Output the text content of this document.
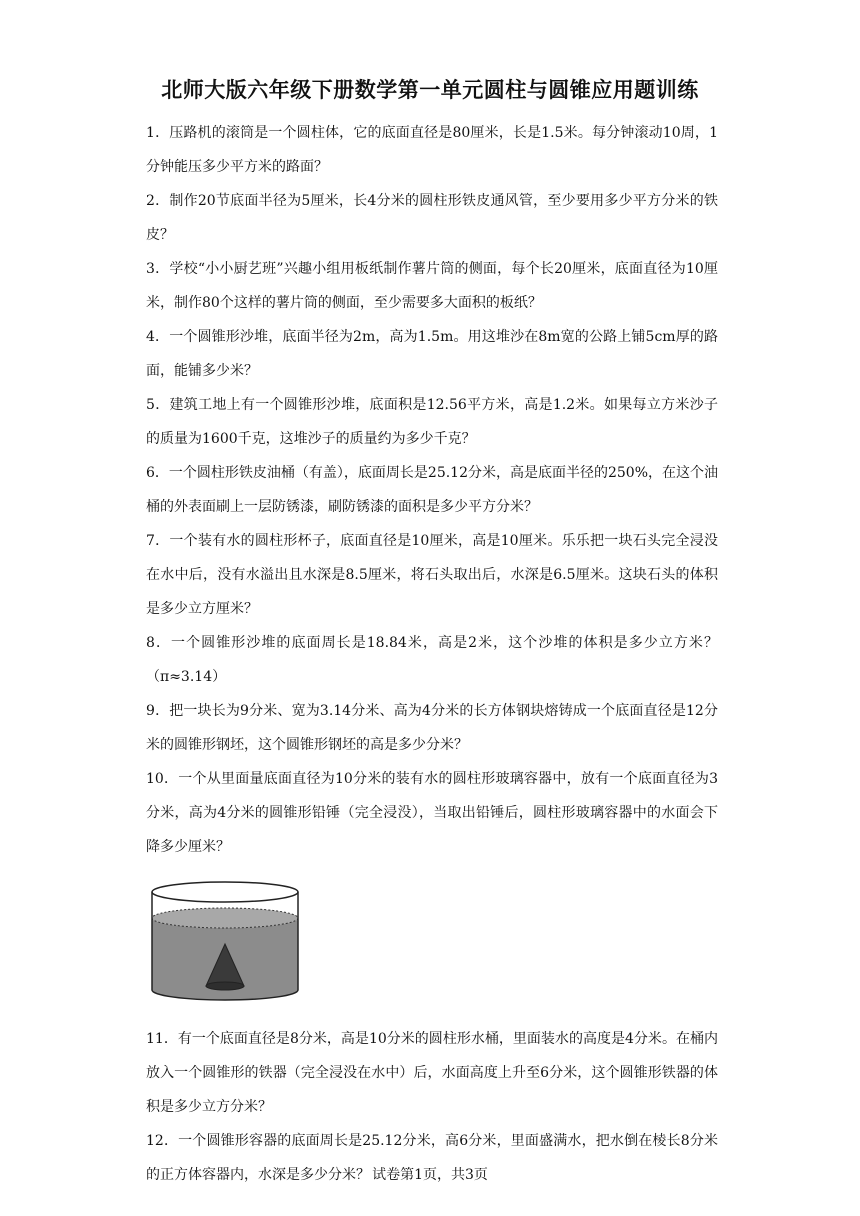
北师大版六年级下册数学第一单元圆柱与圆锥应用题训练

1．压路机的滚筒是一个圆柱体，它的底面直径是80厘米，长是1.5米。每分钟滚动10周，1分钟能压多少平方米的路面？

2．制作20节底面半径为5厘米，长4分米的圆柱形铁皮通风管，至少要用多少平方分米的铁皮？

3．学校“小小厨艺班”兴趣小组用板纸制作薯片筒的侧面，每个长20厘米，底面直径为10厘米，制作80个这样的薯片筒的侧面，至少需要多大面积的板纸？

4．一个圆锥形沙堆，底面半径为2m，高为1.5m。用这堆沙在8m宽的公路上铺5cm厚的路面，能铺多少米？

5．建筑工地上有一个圆锥形沙堆，底面积是12.56平方米，高是1.2米。如果每立方米沙子的质量为1600千克，这堆沙子的质量约为多少千克？

6．一个圆柱形铁皮油桶（有盖），底面周长是25.12分米，高是底面半径的250%，在这个油桶的外表面刷上一层防锈漆，刷防锈漆的面积是多少平方分米？

7．一个装有水的圆柱形杯子，底面直径是10厘米，高是10厘米。乐乐把一块石头完全浸没在水中后，没有水溢出且水深是8.5厘米，将石头取出后，水深是6.5厘米。这块石头的体积是多少立方厘米？

8．一个圆锥形沙堆的底面周长是18.84米，高是2米，这个沙堆的体积是多少立方米？（π≈3.14）

9．把一块长为9分米、宽为3.14分米、高为4分米的长方体钢块熔铸成一个底面直径是12分米的圆锥形钢坯，这个圆锥形钢坯的高是多少分米？

10．一个从里面量底面直径为10分米的装有水的圆柱形玻璃容器中，放有一个底面直径为3分米，高为4分米的圆锥形铅锤（完全浸没），当取出铅锤后，圆柱形玻璃容器中的水面会下降多少厘米？

11．有一个底面直径是8分米，高是10分米的圆柱形水桶，里面装水的高度是4分米。在桶内放入一个圆锥形的铁器（完全浸没在水中）后，水面高度上升至6分米，这个圆锥形铁器的体积是多少立方分米？

12．一个圆锥形容器的底面周长是25.12分米，高6分米，里面盛满水，把水倒在棱长8分米的正方体容器内，水深是多少分米？ 试卷第1页，共3页
